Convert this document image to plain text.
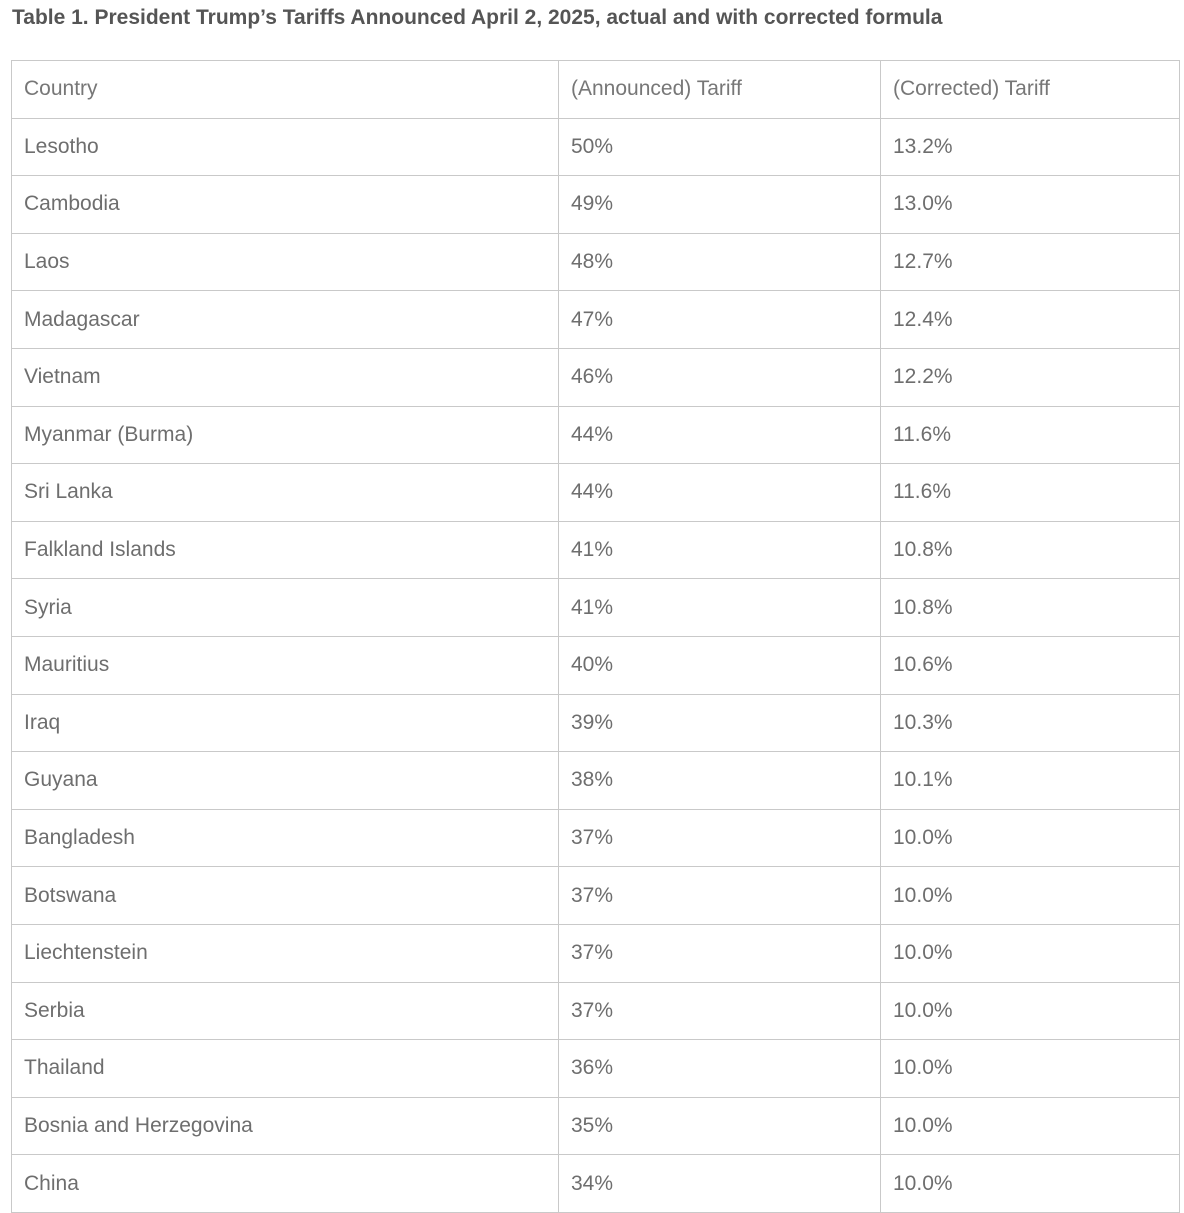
Table 1. President Trump’s Tariffs Announced April 2, 2025, actual and with corrected formula
Country	(Announced) Tariff	(Corrected) Tariff
Lesotho	50%	13.2%
Cambodia	49%	13.0%
Laos	48%	12.7%
Madagascar	47%	12.4%
Vietnam	46%	12.2%
Myanmar (Burma)	44%	11.6%
Sri Lanka	44%	11.6%
Falkland Islands	41%	10.8%
Syria	41%	10.8%
Mauritius	40%	10.6%
Iraq	39%	10.3%
Guyana	38%	10.1%
Bangladesh	37%	10.0%
Botswana	37%	10.0%
Liechtenstein	37%	10.0%
Serbia	37%	10.0%
Thailand	36%	10.0%
Bosnia and Herzegovina	35%	10.0%
China	34%	10.0%
